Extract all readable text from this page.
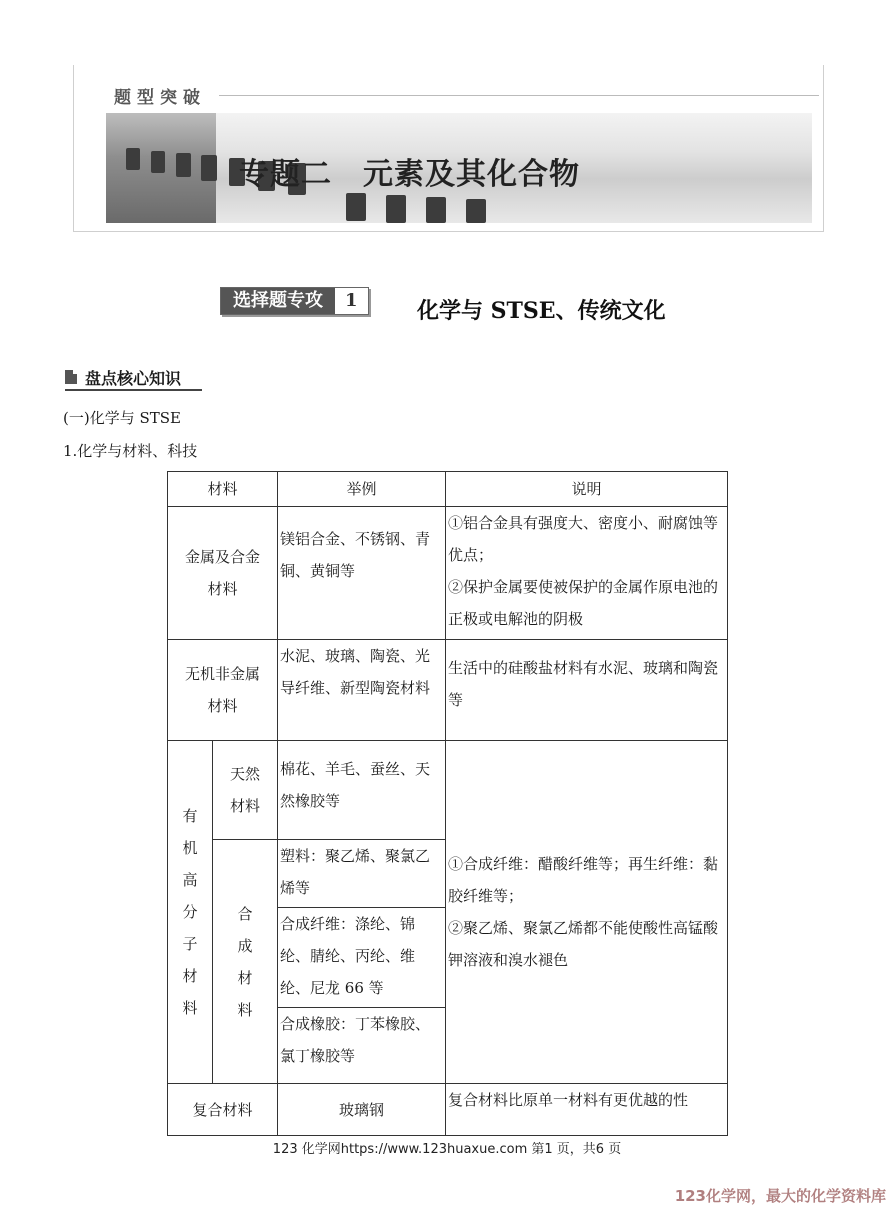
题型突破
专题二　元素及其化合物
选择题专攻	1	化学与 STSE、传统文化
盘点核心知识
(一)化学与 STSE
1.化学与材料、科技
材料		举例	说明

金属及合金材料		镁铝合金、不锈钢、青铜、黄铜等	①铝合金具有强度大、密度小、耐腐蚀等优点；
②保护金属要使被保护的金属作原电池的正极或电解池的阴极

无机非金属材料		水泥、玻璃、陶瓷、光导纤维、新型陶瓷材料	生活中的硅酸盐材料有水泥、玻璃和陶瓷等

有机高分子材料	天然材料	棉花、羊毛、蚕丝、天然橡胶等	①合成纤维：醋酸纤维等；再生纤维：黏胶纤维等；
②聚乙烯、聚氯乙烯都不能使酸性高锰酸钾溶液和溴水褪色

	合成材料	塑料：聚乙烯、聚氯乙烯等	
		合成纤维：涤纶、锦纶、腈纶、丙纶、维纶、尼龙 66 等	
		合成橡胶：丁苯橡胶、氯丁橡胶等	
复合材料		玻璃钢	复合材料比原单一材料有更优越的性
123 化学网https://www.123huaxue.com 第1 页，共6 页
123化学网，最大的化学资料库
